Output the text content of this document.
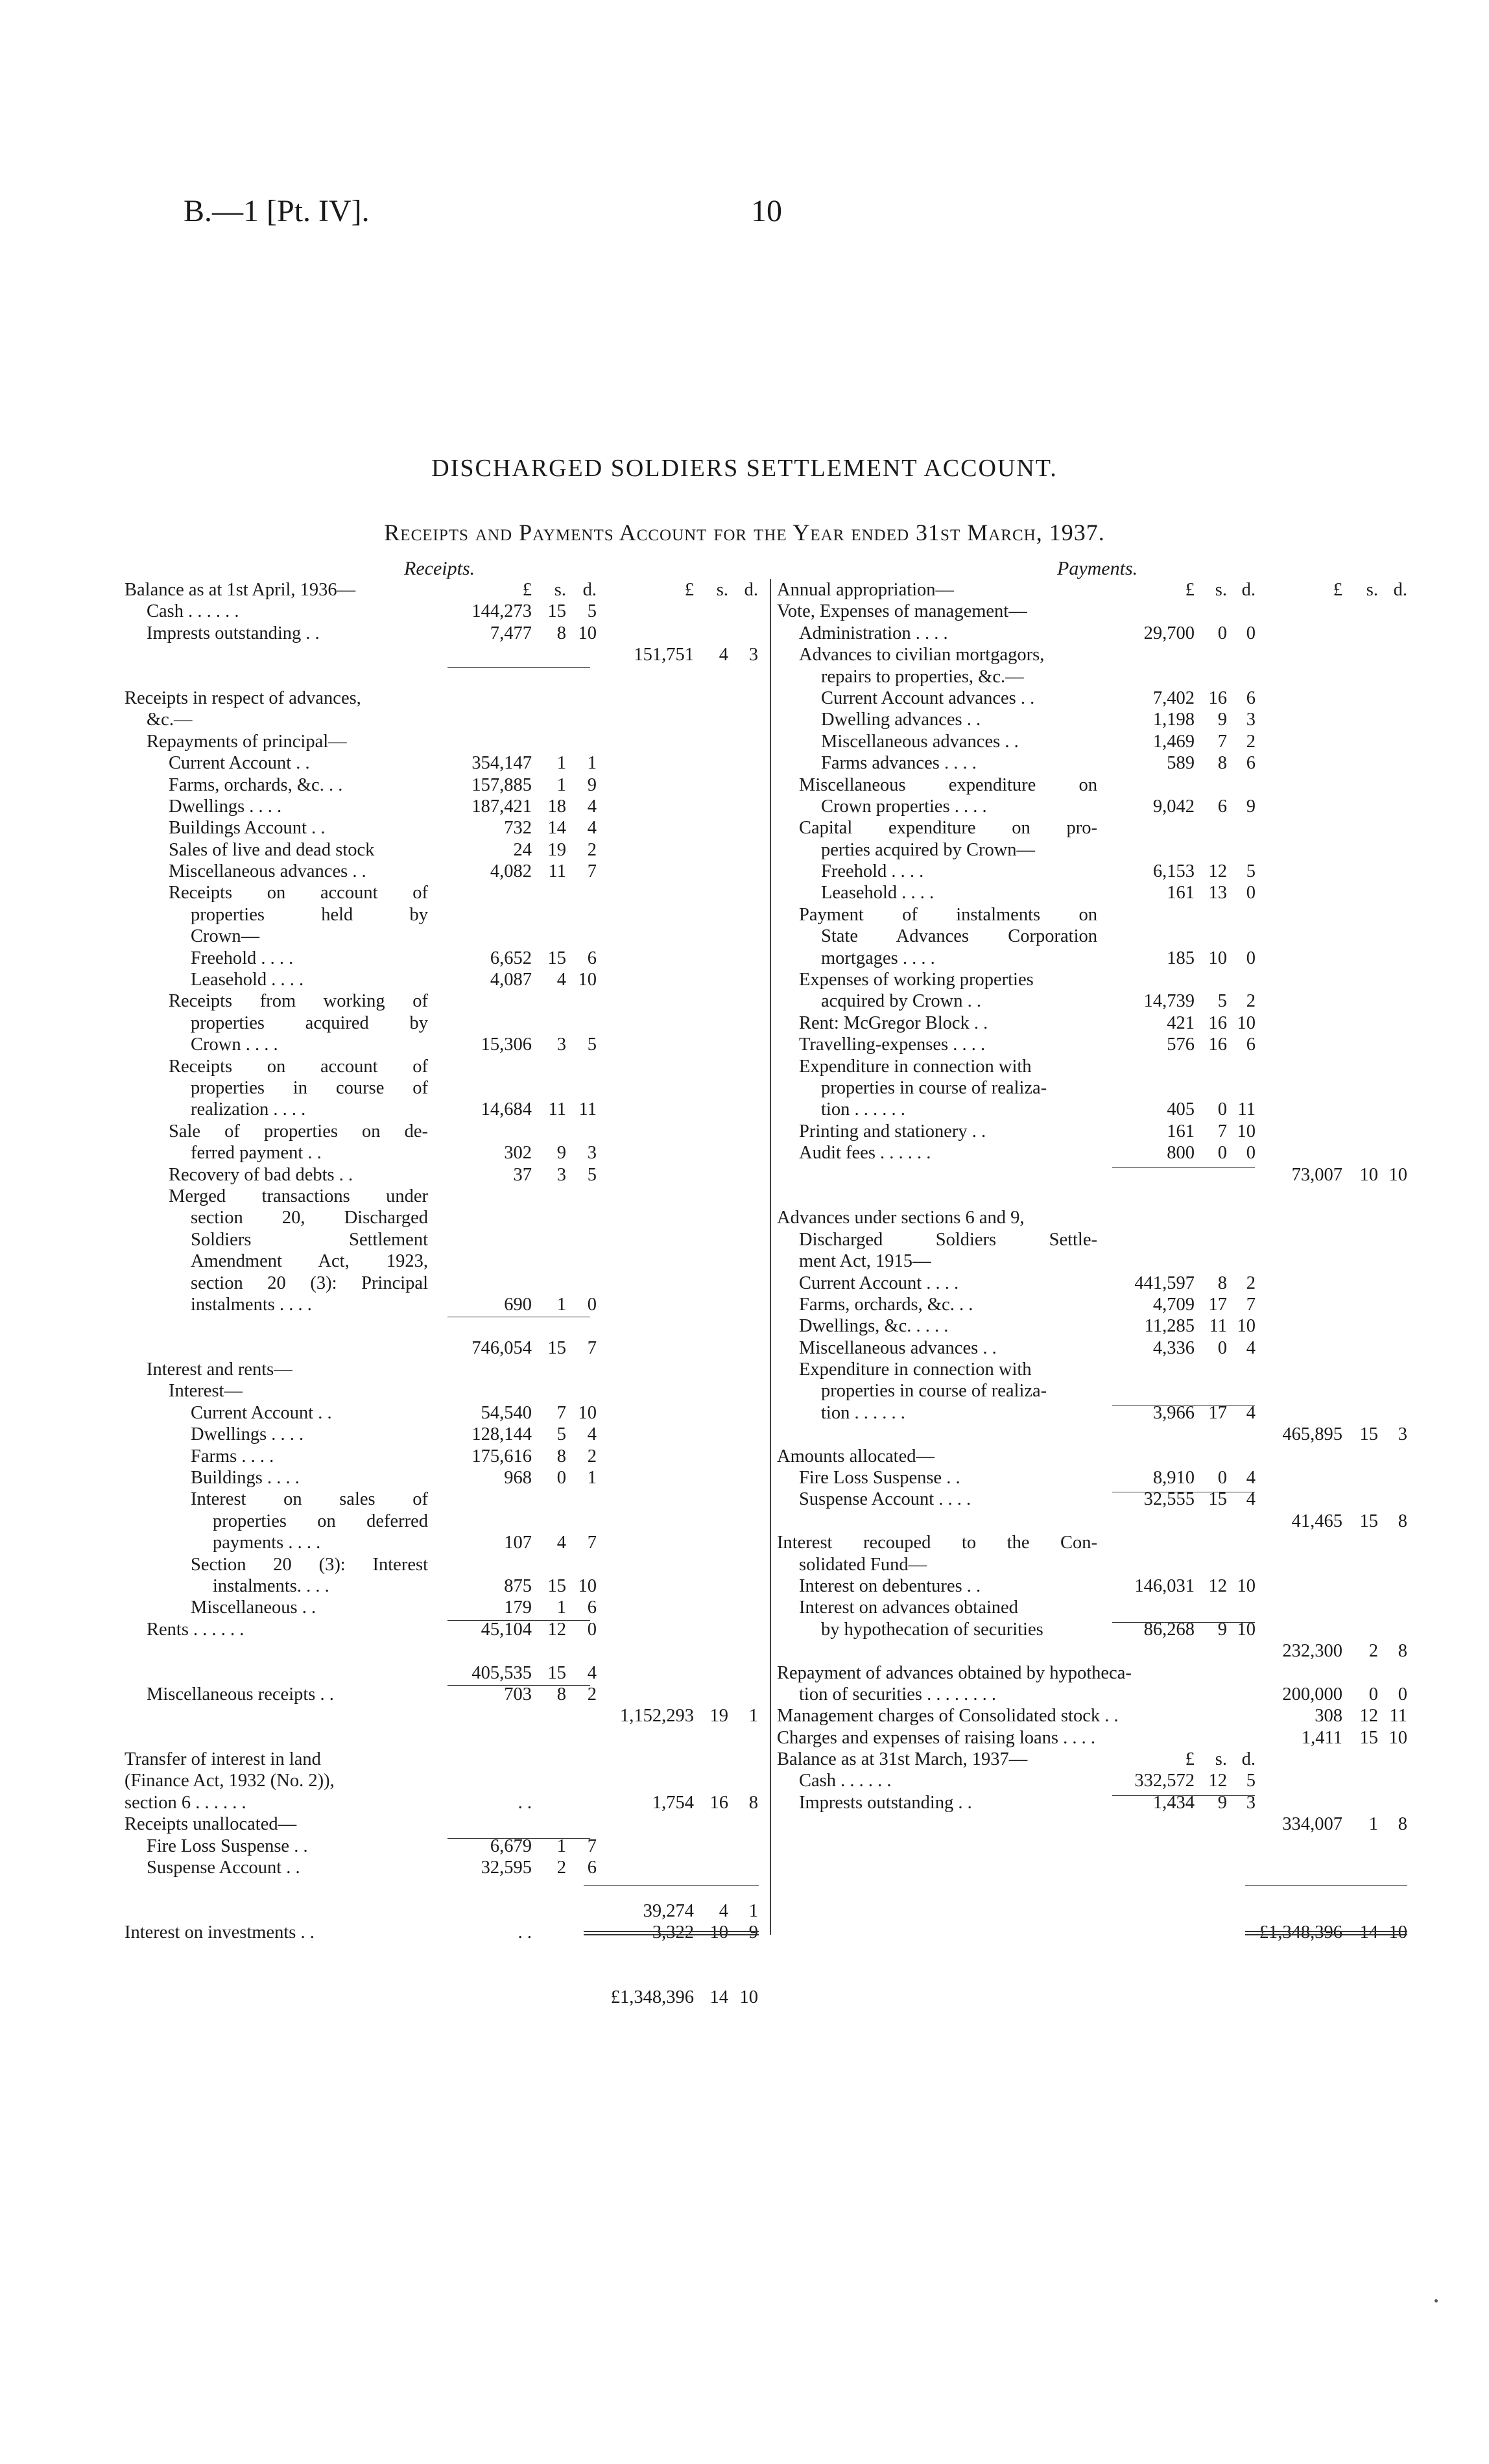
B.—1 [Pt. IV].	10
DISCHARGED SOLDIERS SETTLEMENT ACCOUNT.
Receipts and Payments Account for the Year ended 31st March, 1937.
Receipts.	Payments.
Balance as at 1st April, 1936—	£	s. d.	£	s. d.
Cash . . . . . .	144,273 15	5
Imprests outstanding . .	7,477	8 10
151,751	4	3
Receipts in respect of advances,
&c.—
Repayments of principal—
Current Account . .	354,147	1	1
Farms, orchards, &c. . .	157,885	1	9
Dwellings . . . .	187,421 18	4
Buildings Account . .	732 14	4
Sales of live and dead stock	24 19	2
Miscellaneous advances . .	4,082 11	7
Receipts on account of
properties held by
Crown—
Freehold . . . .	6,652 15	6
Leasehold . . . .	4,087	4 10
Receipts from working of
properties acquired by
Crown . . . .	15,306	3	5
Receipts on account of
properties in course of
realization . . . .	14,684 11 11
Sale of properties on de-
ferred payment . .	302	9	3
Recovery of bad debts . .	37	3	5
Merged transactions under
section 20, Discharged
Soldiers Settlement
Amendment Act, 1923,
section 20 (3): Principal
instalments . . . .	690	1	0
746,054 15	7
Interest and rents—
Interest—
Current Account . .	54,540	7 10
Dwellings . . . .	128,144	5	4
Farms . . . .	175,616	8	2
Buildings . . . .	968	0	1
Interest on sales of
properties on deferred
payments . . . .	107	4	7
Section 20 (3): Interest
instalments. . . .	875 15 10
Miscellaneous . .	179	1	6
Rents . . . . . .	45,104 12	0
405,535 15	4
Miscellaneous receipts . .	703	8	2
1,152,293 19	1
Transfer of interest in land
(Finance Act, 1932 (No. 2)),
section 6 . . . . . .	. .	1,754 16	8
Receipts unallocated—
Fire Loss Suspense . .	6,679	1	7
Suspense Account . .	32,595	2	6
39,274	4	1
Interest on investments . .	. .	3,322 10	9
£1,348,396 14 10
Annual appropriation—	£	s. d.	£	s. d.
Vote, Expenses of management—
Administration . . . .	29,700	0	0
Advances to civilian mortgagors,
repairs to properties, &c.—
Current Account advances . .	7,402 16	6
Dwelling advances . .	1,198	9	3
Miscellaneous advances . .	1,469	7	2
Farms advances . . . .	589	8	6
Miscellaneous expenditure on
Crown properties . . . .	9,042	6	9
Capital expenditure on pro-
perties acquired by Crown—
Freehold . . . .	6,153 12	5
Leasehold . . . .	161 13	0
Payment of instalments on
State Advances Corporation
mortgages . . . .	185 10	0
Expenses of working properties
acquired by Crown . .	14,739	5	2
Rent: McGregor Block . .	421 16 10
Travelling-expenses . . . .	576 16	6
Expenditure in connection with
properties in course of realiza-
tion . . . . . .	405	0 11
Printing and stationery . .	161	7 10
Audit fees . . . . . .	800	0	0
73,007 10 10
Advances under sections 6 and 9,
Discharged Soldiers Settle-
ment Act, 1915—
Current Account . . . .	441,597	8	2
Farms, orchards, &c. . .	4,709 17	7
Dwellings, &c. . . . .	11,285 11 10
Miscellaneous advances . .	4,336	0	4
Expenditure in connection with
properties in course of realiza-
tion . . . . . .	3,966 17	4
465,895 15	3
Amounts allocated—
Fire Loss Suspense . .	8,910	0	4
Suspense Account . . . .	32,555 15	4
41,465 15	8
Interest recouped to the Con-
solidated Fund—
Interest on debentures . .	146,031 12 10
Interest on advances obtained
by hypothecation of securities	86,268	9 10
232,300	2	8
Repayment of advances obtained by hypotheca-
tion of securities . . . . . . . .	200,000	0	0
Management charges of Consolidated stock . .	308 12 11
Charges and expenses of raising loans . . . .	1,411 15 10
Balance as at 31st March, 1937—	£	s. d.
Cash . . . . . .	332,572 12	5
Imprests outstanding . .	1,434	9	3
334,007	1	8
£1,348,396 14 10
